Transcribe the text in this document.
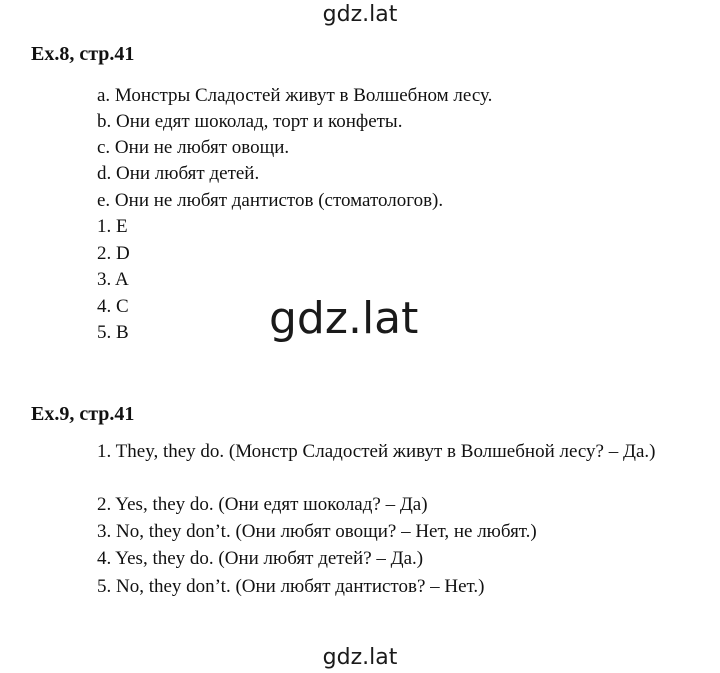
gdz.lat
Ex.8, стр.41
a. Монстры Сладостей живут в Волшебном лесу.
b. Они едят шоколад, торт и конфеты.
c. Они не любят овощи.
d. Они любят детей.
e. Они не любят дантистов (стоматологов).
1. E
2. D
3. A
4. C
5. B	gdz.lat
Ex.9, стр.41
1. They, they do. (Монстр Сладостей живут в Волшебной лесу? – Да.)
2. Yes, they do. (Они едят шоколад? – Да)
3. No, they don’t. (Они любят овощи? – Нет, не любят.)
4. Yes, they do. (Они любят детей? – Да.)
5. No, they don’t. (Они любят дантистов? – Нет.)
gdz.lat
